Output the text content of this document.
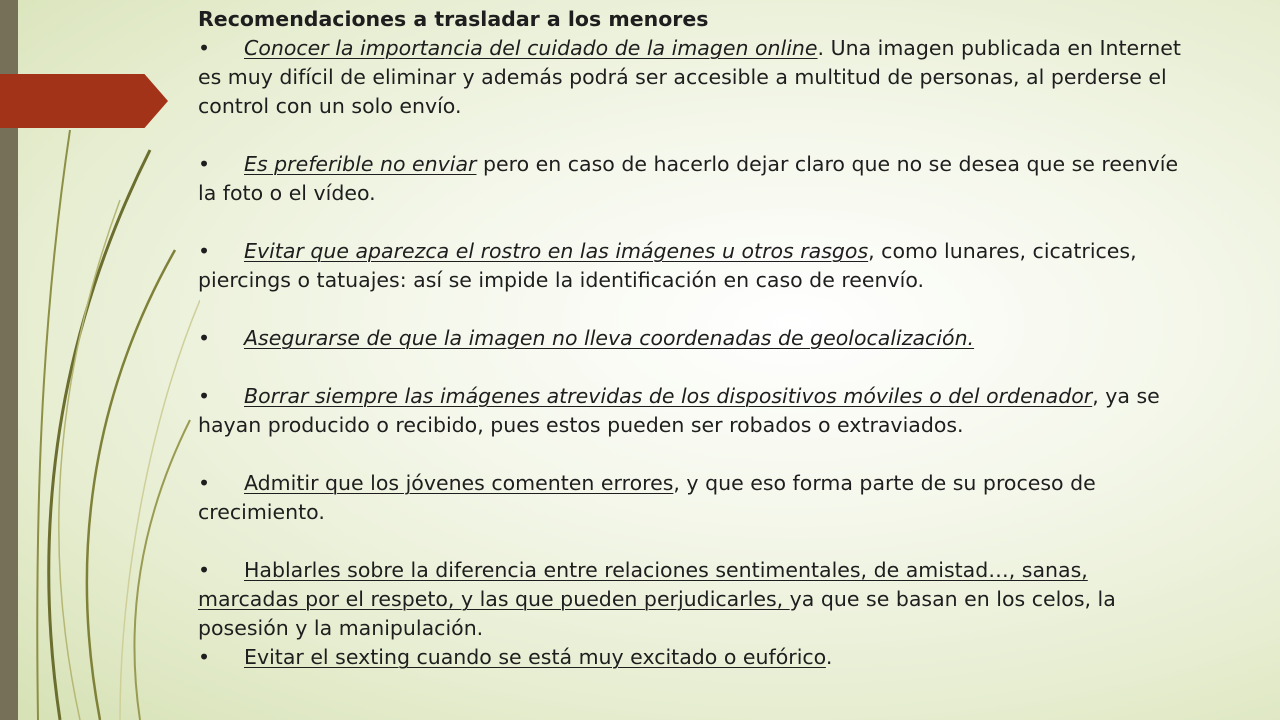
Recomendaciones a trasladar a los menores

• Conocer la importancia del cuidado de la imagen online. Una imagen publicada en Internet es muy difícil de eliminar y además podrá ser accesible a multitud de personas, al perderse el control con un solo envío.

• Es preferible no enviar pero en caso de hacerlo dejar claro que no se desea que se reenvíe la foto o el vídeo.

• Evitar que aparezca el rostro en las imágenes u otros rasgos, como lunares, cicatrices, piercings o tatuajes: así se impide la identificación en caso de reenvío.

• Asegurarse de que la imagen no lleva coordenadas de geolocalización.

• Borrar siempre las imágenes atrevidas de los dispositivos móviles o del ordenador, ya se hayan producido o recibido, pues estos pueden ser robados o extraviados.

• Admitir que los jóvenes comenten errores, y que eso forma parte de su proceso de crecimiento.

• Hablarles sobre la diferencia entre relaciones sentimentales, de amistad…, sanas, marcadas por el respeto, y las que pueden perjudicarles, ya que se basan en los celos, la posesión y la manipulación.

• Evitar el sexting cuando se está muy excitado o eufórico.
